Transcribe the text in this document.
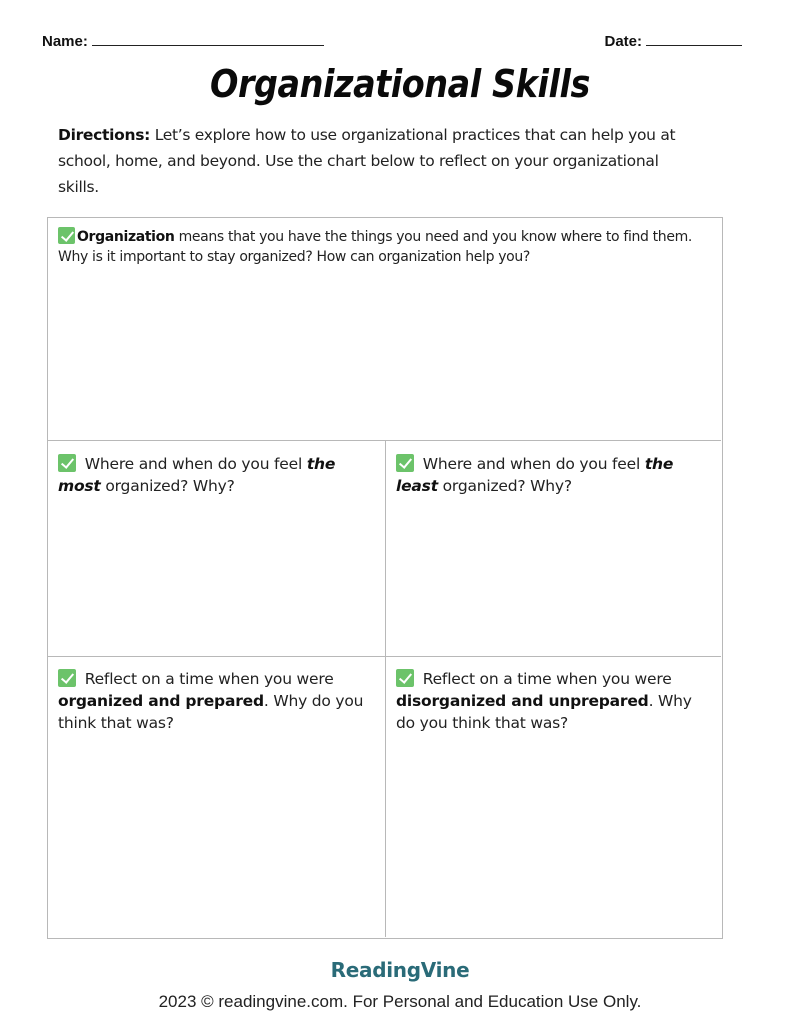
Name:	Date:
Organizational Skills
Directions: Let’s explore how to use organizational practices that can help you at school, home, and beyond. Use the chart below to reflect on your organizational skills.
Organization means that you have the things you need and you know where to find them. Why is it important to stay organized? How can organization help you?
Where and when do you feel the most organized? Why?
Where and when do you feel the least organized? Why?
Reflect on a time when you were organized and prepared. Why do you think that was?
Reflect on a time when you were disorganized and unprepared. Why do you think that was?
ReadingVine
2023 © readingvine.com. For Personal and Education Use Only.
